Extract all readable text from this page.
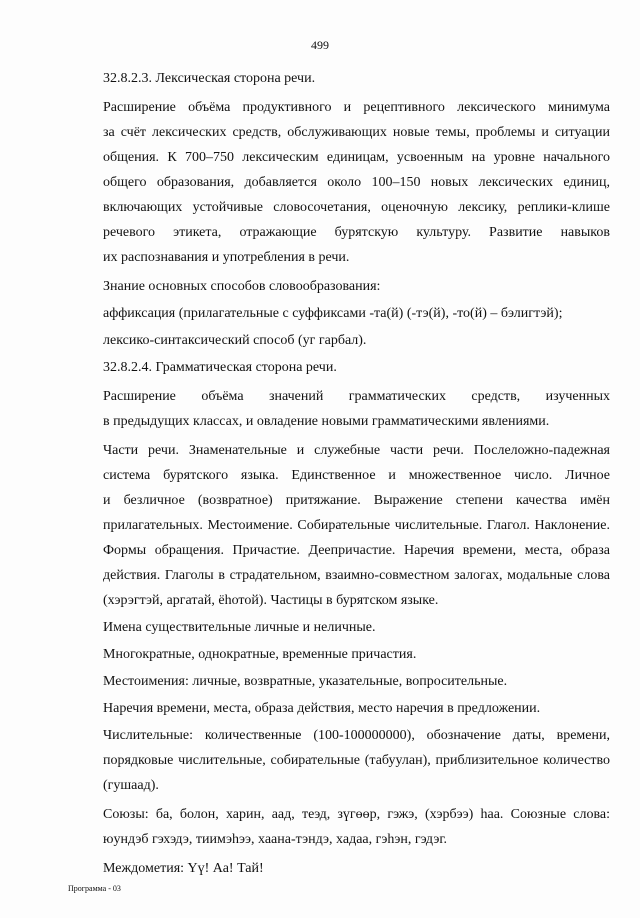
499

32.8.2.3. Лексическая сторона речи.

Расширение объёма продуктивного и рецептивного лексического минимума
за счёт лексических средств, обслуживающих новые темы, проблемы и ситуации
общения. К 700–750 лексическим единицам, усвоенным на уровне начального
общего образования, добавляется около 100–150 новых лексических единиц,
включающих устойчивые словосочетания, оценочную лексику, реплики-клише
речевого этикета, отражающие бурятскую культуру. Развитие навыков
их распознавания и употребления в речи.

Знание основных способов словообразования:

аффиксация (прилагательные с суффиксами -та(й) (-тэ(й), -то(й) – бэлигтэй);

лексико-синтаксический способ (уг гарбал).

32.8.2.4. Грамматическая сторона речи.

Расширение объёма значений грамматических средств, изученных
в предыдущих классах, и овладение новыми грамматическими явлениями.

Части речи. Знаменательные и служебные части речи. Послеложно-падежная
система бурятского языка. Единственное и множественное число. Личное
и безличное (возвратное) притяжание. Выражение степени качества имён
прилагательных. Местоимение. Собирательные числительные. Глагол. Наклонение.
Формы обращения. Причастие. Деепричастие. Наречия времени, места, образа
действия. Глаголы в страдательном, взаимно-совместном залогах, модальные слова
(хэрэгтэй, аргатай, ёhотой). Частицы в бурятском языке.

Имена существительные личные и неличные.

Многократные, однократные, временные причастия.

Местоимения: личные, возвратные, указательные, вопросительные.

Наречия времени, места, образа действия, место наречия в предложении.

Числительные: количественные (100-100000000), обозначение даты, времени,
порядковые числительные, собирательные (табуулан), приблизительное количество
(гушаад).

Союзы: ба, болон, харин, аад, теэд, зүгөөр, гэжэ, (хэрбээ) hаа. Союзные слова:
юундэб гэхэдэ, тиимэhээ, хаана-тэндэ, хадаа, гэhэн, гэдэг.

Междометия: Үү! Аа! Тай!

Программа - 03
